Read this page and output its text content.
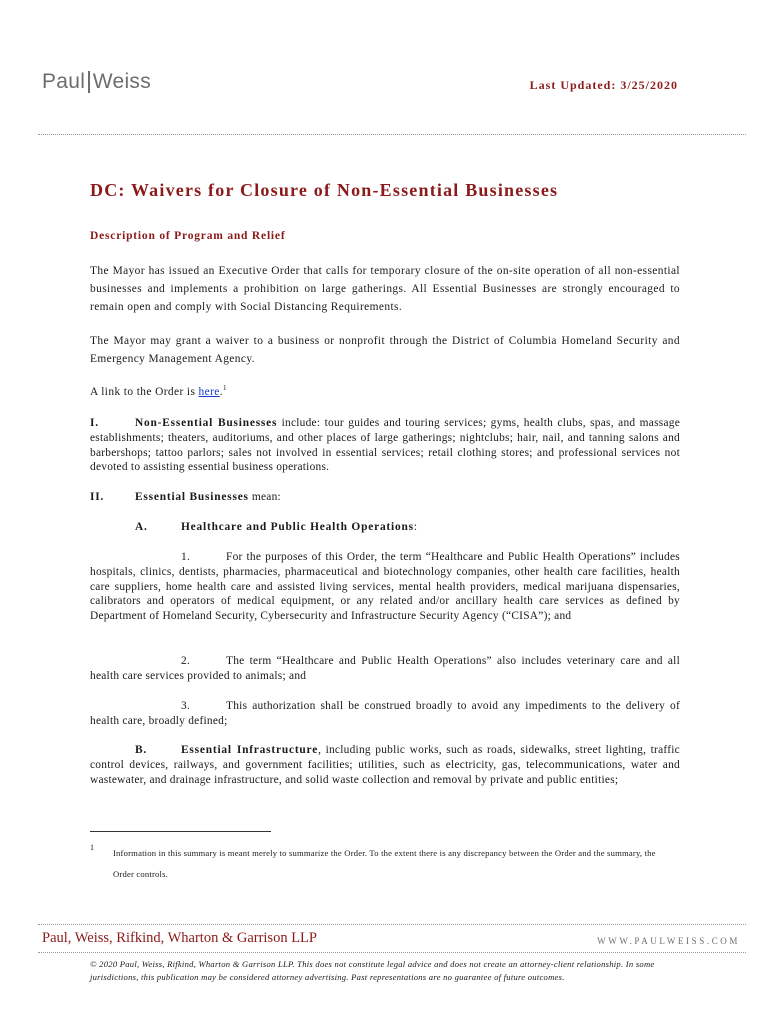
Paul Weiss	Last Updated: 3/25/2020
DC: Waivers for Closure of Non-Essential Businesses
Description of Program and Relief

The Mayor has issued an Executive Order that calls for temporary closure of the on-site operation of all non-essential businesses and implements a prohibition on large gatherings. All Essential Businesses are strongly encouraged to remain open and comply with Social Distancing Requirements.

The Mayor may grant a waiver to a business or nonprofit through the District of Columbia Homeland Security and Emergency Management Agency.

A link to the Order is here.$^1$

I.	Non-Essential Businesses include: tour guides and touring services; gyms, health clubs, spas, and massage establishments; theaters, auditoriums, and other places of large gatherings; nightclubs; hair, nail, and tanning salons and barbershops; tattoo parlors; sales not involved in essential services; retail clothing stores; and professional services not devoted to assisting essential business operations.

II.	Essential Businesses mean:

A.	Healthcare and Public Health Operations:

1.	For the purposes of this Order, the term “Healthcare and Public Health Operations” includes hospitals, clinics, dentists, pharmacies, pharmaceutical and biotechnology companies, other health care facilities, health care suppliers, home health care and assisted living services, mental health providers, medical marijuana dispensaries, calibrators and operators of medical equipment, or any related and/or ancillary health care services as defined by Department of Homeland Security, Cybersecurity and Infrastructure Security Agency (“CISA”); and

2.	The term “Healthcare and Public Health Operations” also includes veterinary care and all health care services provided to animals; and

3.	This authorization shall be construed broadly to avoid any impediments to the delivery of health care, broadly defined;

B.	Essential Infrastructure, including public works, such as roads, sidewalks, street lighting, traffic control devices, railways, and government facilities; utilities, such as electricity, gas, telecommunications, water and wastewater, and drainage infrastructure, and solid waste collection and removal by private and public entities;

1

Information in this summary is meant merely to summarize the Order. To the extent there is any discrepancy between the Order and the summary, the Order controls.

Paul, Weiss, Rifkind, Wharton & Garrison LLP	WWW.PAULWEISS.COM

© 2020 Paul, Weiss, Rifkind, Wharton & Garrison LLP. This does not constitute legal advice and does not create an attorney-client relationship. In some jurisdictions, this publication may be considered attorney advertising. Past representations are no guarantee of future outcomes.
